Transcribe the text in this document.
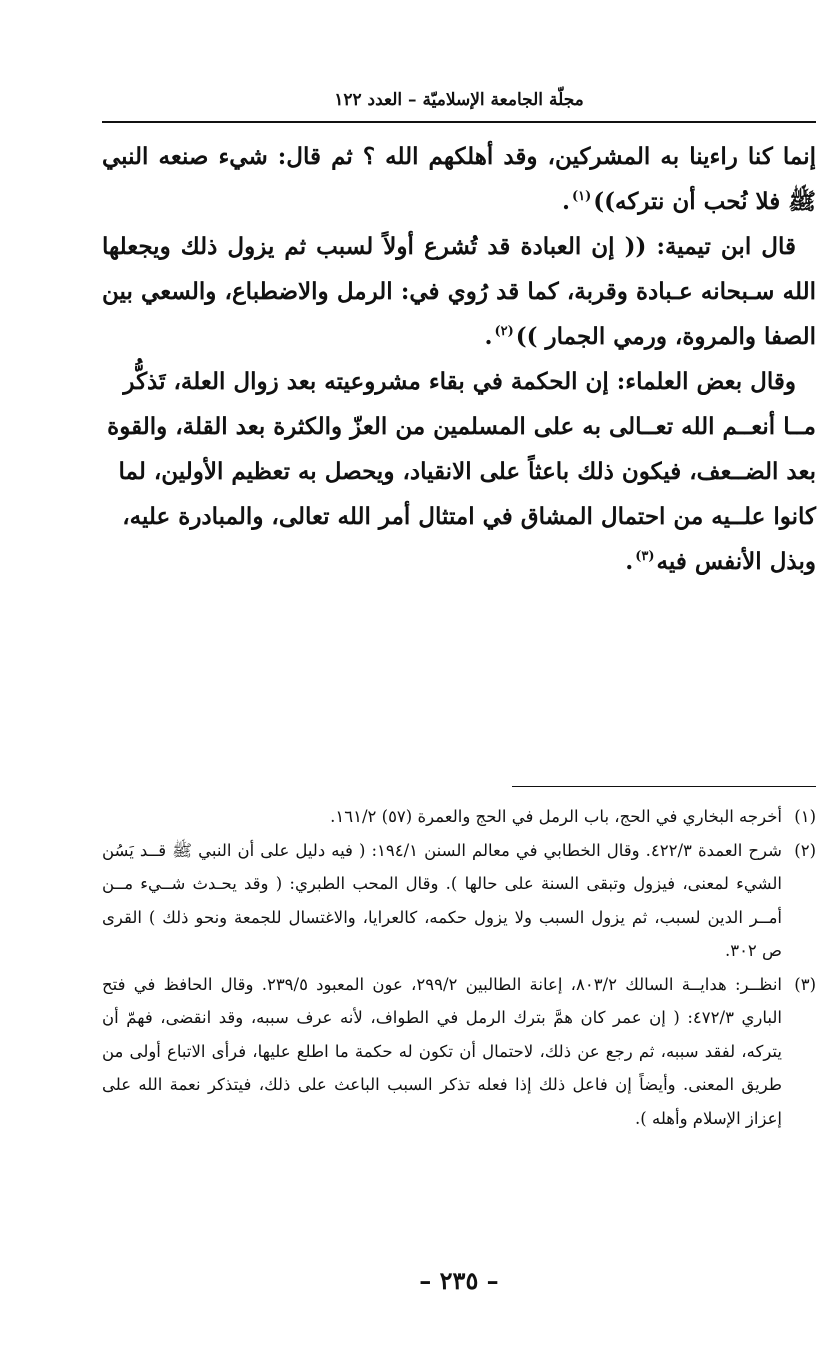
مجلّة الجامعة الإسلاميّة – العدد ١٢٢

إنما كنا راءينا به المشركين، وقد أهلكهم الله ؟ ثم قال: شيء صنعه النبي ﷺ فلا نُحب أن نتركه))$^{(١)}$.

قال ابن تيمية: (( إن العبادة قد تُشرع أولاً لسبب ثم يزول ذلك ويجعلها الله سـبحانه عـبادة وقربة، كما قد رُوي في: الرمل والاضطباع، والسعي بين الصفا والمروة، ورمي الجمار ))$^{(٢)}$.

وقال بعض العلماء: إن الحكمة في بقاء مشروعيته بعد زوال العلة، تَذكُّر مــا أنعــم الله تعــالى به على المسلمين من العزّ والكثرة بعد القلة، والقوة بعد الضــعف، فيكون ذلك باعثاً على الانقياد، ويحصل به تعظيم الأولين، لما كانوا علــيه من احتمال المشاق في امتثال أمر الله تعالى، والمبادرة عليه، وبذل الأنفس فيه$^{(٣)}$.

(١)
أخرجه البخاري في الحج، باب الرمل في الحج والعمرة (٥٧) ١٦١/٢.

(٢)
شرح العمدة ٤٢٢/٣. وقال الخطابي في معالم السنن ١٩٤/١: ( فيه دليل على أن النبي ﷺ قــد يَسُن الشيء لمعنى، فيزول وتبقى السنة على حالها ). وقال المحب الطبري: ( وقد يحـدث شــيء مــن أمــر الدين لسبب، ثم يزول السبب ولا يزول حكمه، كالعرايا، والاغتسال للجمعة ونحو ذلك ) القرى ص ٣٠٢.

(٣)
انظــر: هدايــة السالك ٨٠٣/٢، إعانة الطالبين ٢٩٩/٢، عون المعبود ٢٣٩/٥. وقال الحافظ في فتح الباري ٤٧٢/٣: ( إن عمر كان همَّ بترك الرمل في الطواف، لأنه عرف سببه، وقد انقضى، فهمّ أن يتركه، لفقد سببه، ثم رجع عن ذلك، لاحتمال أن تكون له حكمة ما اطلع عليها، فرأى الاتباع أولى من طريق المعنى. وأيضاً إن فاعل ذلك إذا فعله تذكر السبب الباعث على ذلك، فيتذكر نعمة الله على إعزاز الإسلام وأهله ).

– ٢٣٥ –
